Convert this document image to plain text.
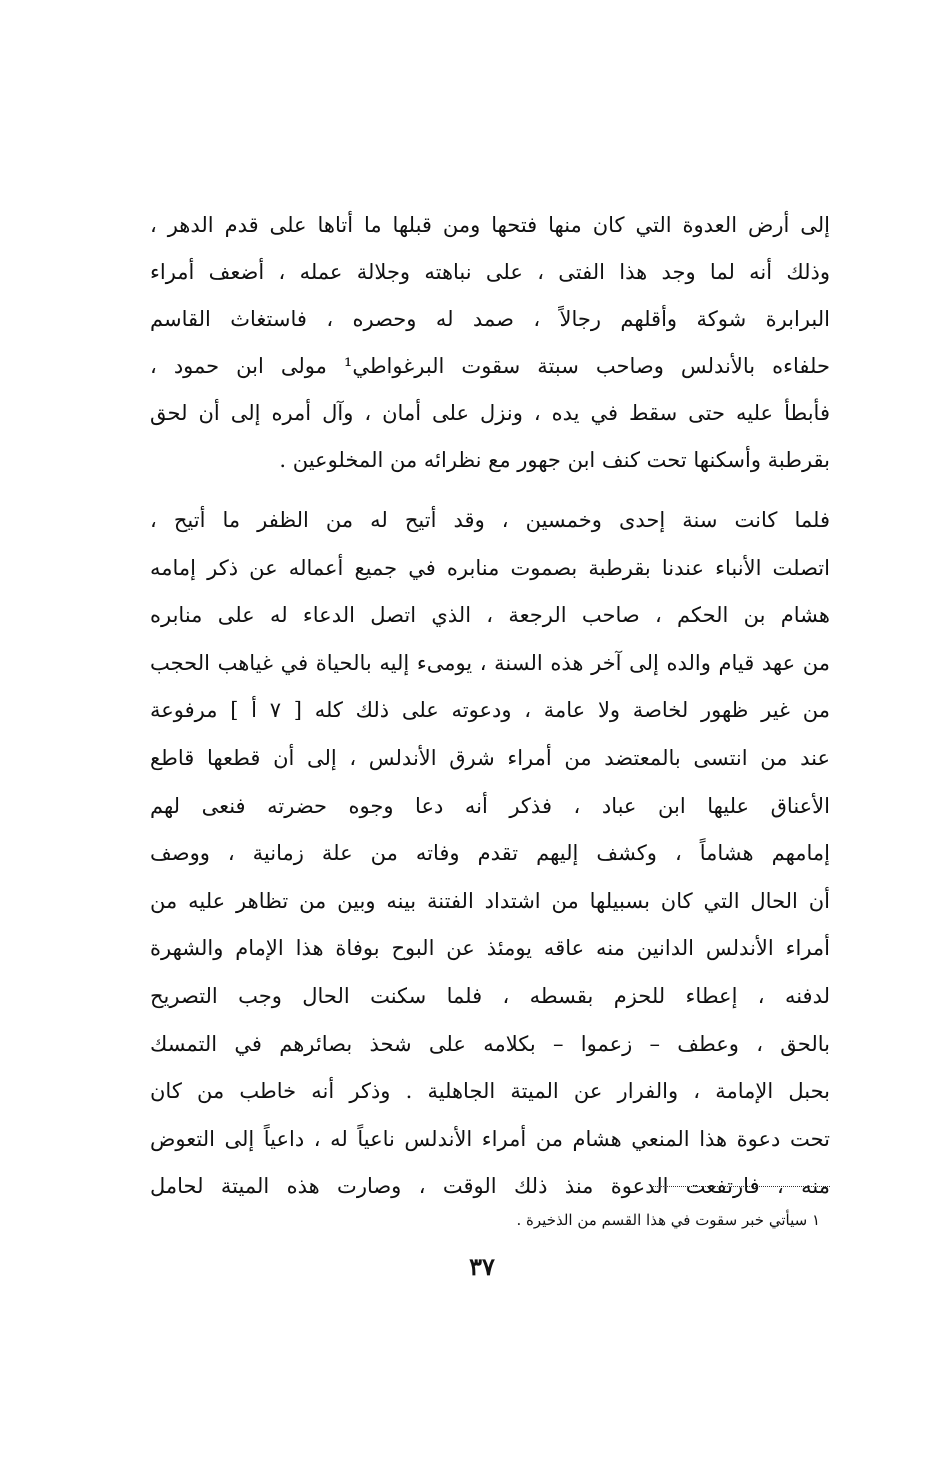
إلى أرض العدوة التي كان منها فتحها ومن قبلها ما أتاها على قدم الدهر ،
وذلك أنه لما وجد هذا الفتى ، على نباهته وجلالة عمله ، أضعف أمراء
البرابرة شوكة وأقلهم رجالاً ، صمد له وحصره ، فاستغاث القاسم
حلفاءه بالأندلس وصاحب سبتة سقوت البرغواطي¹ مولى ابن حمود ،
فأبطأ عليه حتى سقط في يده ، ونزل على أمان ، وآل أمره إلى أن لحق
بقرطبة وأسكنها تحت كنف ابن جهور مع نظرائه من المخلوعين .
فلما كانت سنة إحدى وخمسين ، وقد أتيح له من الظفر ما أتيح ،
اتصلت الأنباء عندنا بقرطبة بصموت منابره في جميع أعماله عن ذكر إمامه
هشام بن الحكم ، صاحب الرجعة ، الذي اتصل الدعاء له على منابره
من عهد قيام والده إلى آخر هذه السنة ، يومىء إليه بالحياة في غياهب الحجب
من غير ظهور لخاصة ولا عامة ، ودعوته على ذلك كله [ ٧ أ ] مرفوعة
عند من انتسى بالمعتضد من أمراء شرق الأندلس ، إلى أن قطعها قاطع
الأعناق عليها ابن عباد ، فذكر أنه دعا وجوه حضرته فنعى لهم
إمامهم هشاماً ، وكشف إليهم تقدم وفاته من علة زمانية ، ووصف
أن الحال التي كان بسبيلها من اشتداد الفتنة بينه وبين من تظاهر عليه من
أمراء الأندلس الدانين منه عاقه يومئذ عن البوح بوفاة هذا الإمام والشهرة
لدفنه ، إعطاء للحزم بقسطه ، فلما سكنت الحال وجب التصريح
بالحق ، وعطف – زعموا – بكلامه على شحذ بصائرهم في التمسك
بحبل الإمامة ، والفرار عن الميتة الجاهلية . وذكر أنه خاطب من كان
تحت دعوة هذا المنعي هشام من أمراء الأندلس ناعياً له ، داعياً إلى التعوض
منه ، فارتفعت الدعوة منذ ذلك الوقت ، وصارت هذه الميتة لحامل
١ سيأتي خبر سقوت في هذا القسم من الذخيرة .
٣٧
